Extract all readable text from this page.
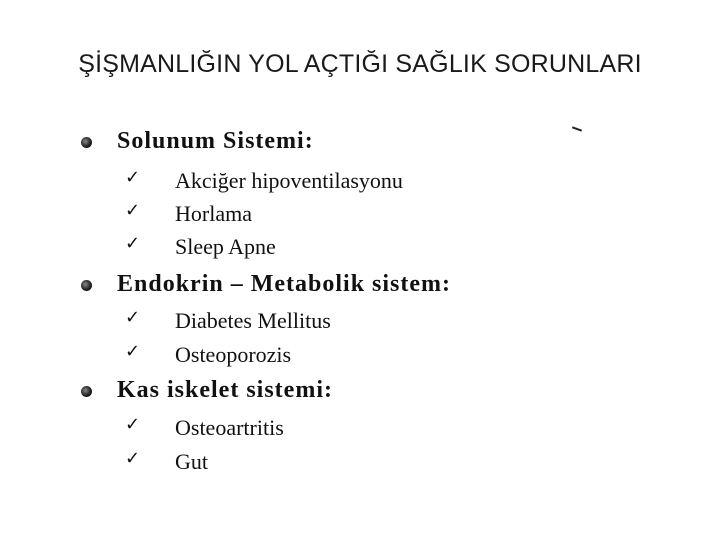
ŞİŞMANLIĞIN YOL AÇTIĞI SAĞLIK SORUNLARI
Solunum Sistemi:
✓ Akciğer hipoventilasyonu
✓ Horlama
✓ Sleep Apne
Endokrin – Metabolik sistem:
✓ Diabetes Mellitus
✓ Osteoporozis
Kas iskelet sistemi:
✓ Osteoartritis
✓ Gut
